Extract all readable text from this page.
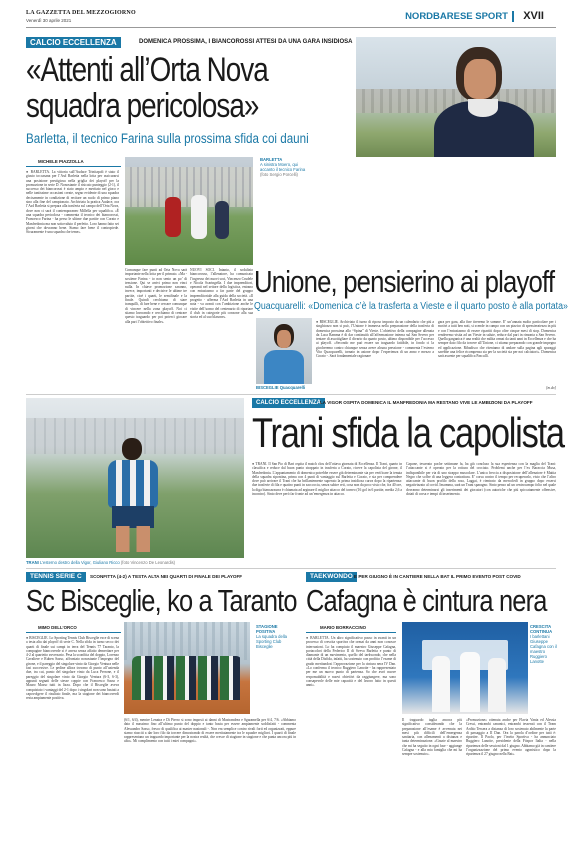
LA GAZZETTA DEL MEZZOGIORNO
Venerdì 30 aprile 2021	NORDBARESE SPORT XVII
CALCIO ECCELLENZA	DOMENICA PROSSIMA, I BIANCOROSSI ATTESI DA UNA GARA INSIDIOSA
«Attenti all’Orta Nova
squadra pericolosa»
Barletta, il tecnico Farina sulla prossima sfida coi dauni
MICHELE PIAZZOLLA
● BARLETTA. La vittoria sull’Audace Trinitapoli è stato il giusto toccasana per l’Asd Barletta nella lotta per assicurarsi una posizione prestigiosa nella griglia dei playoff per la promozione in serie D. Nonostante il risicato punteggio (2-1), il successo dei biancorossi è stato ampio e meritato nel gioco e nelle tantissime occasioni create, segno evidente di una squadra decisamente in condizione di recitare un ruolo di primo piano sino alla fine del campionato. Archiviata la pratica Audace, ora l’Asd Barletta si prepara alla trasferta sul campo dell’Orta Nova, dove non ci sarà il contemporaneo Millella per squalifica. «È una squadra pericolosa - commenta il tecnico dei biancorossi, Francesco Farina - ha perso le ultime due partite con Corato e Manfredonia ma non sottovaluto il perfetto. Loro hanno fatto sei giorni che dovranno bene. Siamo fare bene il contropiede. Sicuramente è una squadra che teme».
BARLETTA
A sinistra Moero, qui accanto il tecnico Farina
(foto Sergio Porcelli)
Comunque fare punti ad Orta Nova sarà importante nella lotta per il primato. «Ma - sostiene Farina - io non sento un po’ di tensione. Qui se arrivi primo non vinci nulla. In chiave promozione saranno, invece, importanti e decisive le ultime tre partite, cioè i quarti, le semifinale e la finale. Quindi cerchiamo di stare tranquilli, di fare bene e cercare comunque di vincere nella zona playoff. Noi ci stiamo lavorando e cerchiamo di centrare questo traguardo per poi potercì giocare alla pari l’obiettivo finale».
NUOVI SOCI. Intanto, il sodalizio biancorosso, l’allenatore, ha comunicato l’ingresso dei nuovi soci, Vincenzo Crudele e Nicola Scaringella. I due imprenditori, operanti nel settore della logistica, entrano con entusiasmo a far parte del gruppo imprenditoriale alla guida della società. «Il progetto - afferma l’Asd Barletta in una nota - va avanti con l’ambizione anche le visite dell’uomo del centenario di riportare il club in categorie più consone alla sua storia ed al suo blasone».
Unione, pensierino ai playoff
Quacquarelli: «Domenica c’è la trasferta a Vieste e il quarto posto è alla portata»
BISCEGLIE Quacquarelli
● BISCEGLIE. Archiviato il turno di riposo imposto da un calendario che più a singhiozzo non si può, l’Unione è immersa nella preparazione della trasferta di domenica prossima allo “Spina” di Vieste. L’obiettivo della compagine allenata da Luca Ramma è di dar continuità all’affermazione interna sul San Severo per tentare di assottigliare il divario da quarto posto, ultimo disponibile per l’accesso ai playoff. «Secondo me può essere un traguardo fattibile, in fondo ci la giocheremo contro chiunque senza avere alcuna pressione - commenta l’esterno Vito Quacquarelli, tornato in azione dopo l’esperienza di un anno e mezzo a Corato -. Sarà fondamentale ragionare
gara per gara, alla fine tireremo le somme. E’ un’annata molto particolare per i motivi a tutti ben noti, si scende in campo con un pizzico di spensieratezza in più e con l’entusiasmo di essere ripartiti dopo oltre cinque mesi di stop. Domenica renderemo visita ad un Vieste in salute, reduce dal pari in rimonta a San Severo. Quella garganica è una realtà che milita ormai da tanti anni in Eccellenza e che ha sempre dato filo da torcere all’Unione, ci stiamo preparando con grande impegno ed applicazione. Ribadisco che riteniamo di andare sulla pagina agli sparaggi sarebbe una felice ricompensa sia per la società sia per noi calciatori». Domenica sarà assente per squalifica Pascullì.
[m.do]
TRANI L’esterno destro della Vigor, Giuliano Ricco (foto Vincenzo De Leonardis)
CALCIO ECCELLENZA LA VIGOR OSPITA DOMENICA IL MANFREDONIA MA RESTANO VIVE LE AMBIZIONI DA PLAYOFF
Trani sfida la capolista
● TRANI. Il San Pio di Bari ospita il match clou dell’ottava giornata di Eccellenza. Il Trani, quarto in classifica e reduce dal buon punto strappato in trasferta a Corato, riceve la capolista del girone, il Manfredonia. L’appuntamento di domenica potrebbe essere già determinante sia per verificare la tenuta della squadra sipontina, prima con 4 punti di vantaggio sul Barletta e Corato, e sia per comprendere dove può arrivare il Trani che ha brillantemente superato la prima insidiosa curva dopo la ripartenza: due trasferte di fila e quattro punti in saccoccia, senza subire reti, cosa non da poco visto che, fra 40 ore, la diga biancazzurra è chiamata ad arginare il miglior attacco del torneo (16 gol in 6 partite, media 2,6 a incontro). Sinto deve però far fronte ad un’emergenza in attacco.
Capone, tesserato poche settimane fa, ha già concluso la sua esperienza con la maglia del Trani: l’attaccante si è operato per la rottura del crociato. Problemi anche per l’ex Baraccia Musa, indisponibile per via di uno strappo muscolare. L’unica freccia a disposizione dell’allenatore è Mattia Negro che soffre di una leggera contrattura. E’ corsa contro il tempo per recuperarlo, visto che l’altro attaccante di buon profilo della rosa, Laggai, è rientrato da mercoledì in gruppo dopo essersi negativizzato al covid. Insomma, sarà un Trani sparagno. Sinto penso ad un centrocampo folto nel quale dovranno determinarsi gli inserimenti dei giocatori (con autoriche che più spiccatamente offensive, dotati di corsa e tempi di inserimento.
TENNIS SERIE C	SCONFITTA (4-2) A TESTA ALTA NEI QUARTI DI FINALE DEI PLAYOFF
Sc Bisceglie, ko a Taranto
MIMO DELL’ORCO
● BISCEGLIE. Lo Sporting Tennis Club Bisceglie esce di scena a testa alta dai playoff di serie C. Nella sfida in turno secco dei quarti di finale sui campi in terra del Tennis 77 Taranto, la compagine biancoverde si è arresa senza affatto demeritare per 4-2 al quartetto avversario. Pesa la sconfitta del doppio, Lorenzo Cavaliere e Ruben Sasso, affrontato nonostante l’impegno del girone, e il pareggio del singolare vinto da Giorgio Ventura nelle fasi successive. Le pedine allora trovano di punto all’azienda due, tra cui, punto del singolare vinto da Luca Perrone, e il pareggio del singolare vinto da Giorgio Ventura (6-3, 6-3), appunti segnati delle stesse coppie con Francesco Sasso e Mauro Masso tutti in lizza. Dopo che il Bisceglie aveva conquistato i vantaggi del 2-1 dopo i singolari non sono bastati a capovolgere il risultato finale, ma la stagione dei biancoverdi resta ampiamente positiva.
STAGIONE POSITIVA
La squadra della Sporting Club Bisceglie
(6/1, 6/4), mentre Lenatra e Di Pierro si sono imposti ai danni di Mastrandrea e Sgaramella per 6/4, 7/6. «Abbiamo dato il massimo fino all’ultimo punto del doppio e tanto basta per essere ampiamente soddisfatti - commenta Alessandro Sasso, fresco di qualifica ai master nazionali -. Non era semplice contro rivali forti ed organizzati, eppure siamo riusciti a dar loro filo da torcere dimostrando di essere meritatamente tra le squadre migliori. I quarti di finale rappresentano un traguardo importante per la nostra realtà, che cresce di stagione in stagione e che punta ancora più in alto». Mi complimento con tutti i miei compagni».
TAEKWONDO E PER GIUGNO È IN CANTIERE NELLA BAT IL PRIMO EVENTO POST COVID
Cafagna è cintura nera
MARIO BORRACCINO
● BARLETTA. Un altro significativo passo in avanti in un processo di crescita sportiva che ormai da anni non conosce interruzioni. Lo ha compiuto il maestro Giuseppe Cafagna, portacolori della Federico II di Sveva Barletta e punto di diamante di un movimento, quello del taekwondo, che nella città della Disfida, infatti, ha sostenuto con profitto l’esame di grado meritandosi l’approvazione per la cintura nera IV Dan. «Lo conferma il tecnico Ruggiero Lanotte - ha rappresentato per me un nuovo punto di partenza. So che avrò nuove responsabilità e nuovi obiettivi da raggiungere, ma sono consapevole delle mie capacità e del lavoro fatto in questi anni».
CRESCITA CONTINUA
I barlettani Giuseppe Cafagna con il maestro Ruggiero Lanotte
Il traguardo taglia ancora più significativo considerando che la preparazione all’esame è avvenuta nei mesi più difficili dell’emergenza sanitaria, con allenamenti a distanza e tanta determinazione. «Grazie al maestro che mi ha seguito in ogni fase - aggiunge Cafagna - e alla mia famiglia che mi ha sempre sostenuto».
«Promozione» ottenuta anche per Flavia Vania ed Alessia Cressi, entrambi canonici, entrambi tesserati con il Team Ardito Tessera a distanza di loro sostenuto abilmente la parte di passaggio a II Dan. Ora la parola d’ordine per tutti è: ripartire. Il Paolo, per l’invito Sportiva - ha annunciato Ruggiero Lanotte, presidente della Fitspor Italia - nella ripartenza delle sessioni dal 1 giugno. Abbiamo già in cantiere l’organizzazione del primo evento agonistico dopo la ripartenza il 27 giugno nella Bat».
